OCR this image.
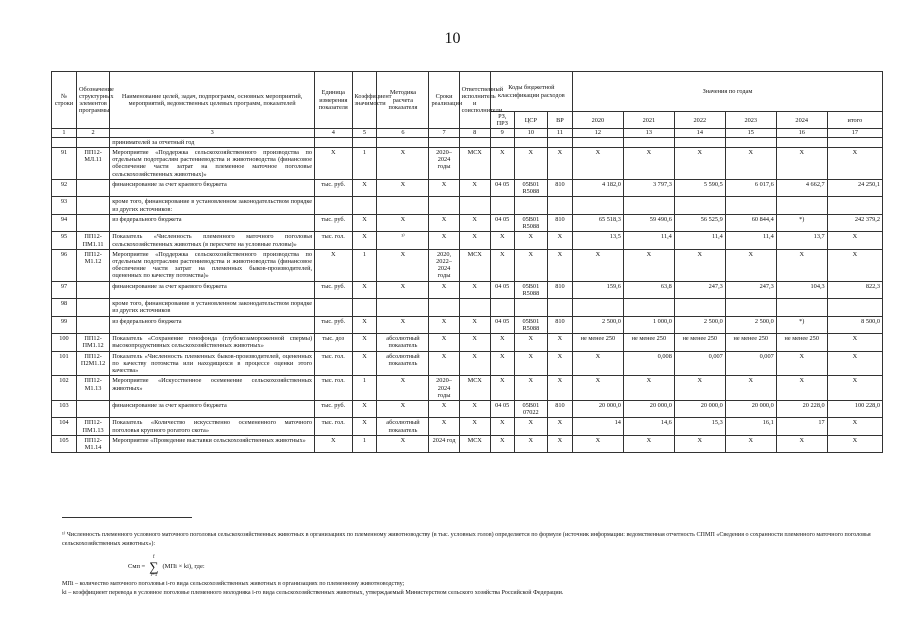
10
№ строки	Обозначение структурных элементов программы	Наименование целей, задач, подпрограмм, основных мероприятий, мероприятий, ведомственных целевых программ, показателей	Единица измерения показателя	Коэффициент значимости	Методика расчета показателя	Сроки реализации	Ответственный исполнитель и соисполнители	Коды бюджетной классификации расходов			Значения по годам					
								РЗ, ПРЗ	ЦСР	ВР	2020	2021	2022	2023	2024	итого
1	2	3	4	5	6	7	8	9	10	11	12	13	14	15	16	17
		принимателей за отчетный год														
91	ПП12-МЛ.11	Мероприятие «Поддержка сельскохозяйственного производства по отдельным подотраслям растениеводства и животноводства (финансовое обеспечение части затрат на племенное маточное поголовье сельскохозяйственных животных)»	Х	1	Х	2020–2024 годы	МСХ	Х	Х	Х	Х	Х	Х	Х	Х	Х
92		финансирование за счет краевого бюджета	тыс. руб.	Х	Х	Х	Х	04 05	05В01 R5088	810	4 182,0	3 797,3	5 590,5	6 017,6	4 662,7	24 250,1
93		кроме того, финансирование в установленном законодательством порядке из других источников:														
94		из федерального бюджета	тыс. руб.	Х	Х	Х	Х	04 05	05В01 R5088	810	65 518,3	59 490,6	56 525,9	60 844,4	*)	242 379,2
95	ПП12-ПМ1.11	Показатель «Численность племенного маточного поголовья сельскохозяйственных животных (в пересчете на условные головы)»	тыс. гол.	Х	¹⁾	Х	Х	Х	Х	Х	13,5	11,4	11,4	11,4	13,7	Х
96	ПП12-М1.12	Мероприятие «Поддержка сельскохозяйственного производства по отдельным подотраслям растениеводства и животноводства (финансовое обеспечение части затрат на племенных быков-производителей, оцененных по качеству потомства)»	Х	1	Х	2020, 2022–2024 годы	МСХ	Х	Х	Х	Х	Х	Х	Х	Х	Х
97		финансирование за счет краевого бюджета	тыс. руб.	Х	Х	Х	Х	04 05	05В01 R5088	810	159,6	63,8	247,3	247,3	104,3	822,3
98		кроме того, финансирование в установленном законодательством порядке из других источников														
99		из федерального бюджета	тыс. руб.	Х	Х	Х	Х	04 05	05В01 R5088	810	2 500,0	1 000,0	2 500,0	2 500,0	*)	8 500,0
100	ПП12-ПМ1.12	Показатель «Сохранение генофонда (глубокозамороженной спермы) высокопродуктивных сельскохозяйственных животных»	тыс. доз	Х	абсолютный показатель	Х	Х	Х	Х	Х	не менее 250	не менее 250	не менее 250	не менее 250	не менее 250	Х
101	ПП12-П2М1.12	Показатель «Численность племенных быков-производителей, оцененных по качеству потомства или находящихся в процессе оценки этого качества»	тыс. гол.	Х	абсолютный показатель	Х	Х	Х	Х	Х	Х	0,008	0,007	0,007	Х	Х
102	ПП12-М1.13	Мероприятие «Искусственное осеменение сельскохозяйственных животных»	тыс. гол.	1	Х	2020–2024 годы	МСХ	Х	Х	Х	Х	Х	Х	Х	Х	Х
103		финансирование за счет краевого бюджета	тыс. руб.	Х	Х	Х	Х	04 05	05В01 07022	810	20 000,0	20 000,0	20 000,0	20 000,0	20 228,0	100 228,0
104	ПП12-ПМ1.13	Показатель «Количество искусственно осемененного маточного поголовья крупного рогатого скота»	тыс. гол.	Х	абсолютный показатель	Х	Х	Х	Х	Х	14	14,6	15,3	16,1	17	Х
105	ПП12-М1.14	Мероприятие «Проведение выставки сельскохозяйственных животных»	Х	1	Х	2024 год	МСХ	Х	Х	Х	Х	Х	Х	Х	Х	Х
¹⁾ Численность племенного условного маточного поголовья сельскохозяйственных животных в организациях по племенному животноводству (в тыс. условных голов) определяется по формуле (источник информации: ведомственная отчетность СПМП «Сведения о сохранности племенного маточного поголовья сельскохозяйственных животных»):
Смп =
f
∑
i=1
(МПi × ki), где:
МПi – количество маточного поголовья i-го вида сельскохозяйственных животных в организациях по племенному животноводству;
ki – коэффициент перевода в условное поголовье племенного молодняка i-го вида сельскохозяйственных животных, утверждаемый Министерством сельского хозяйства Российской Федерации.
